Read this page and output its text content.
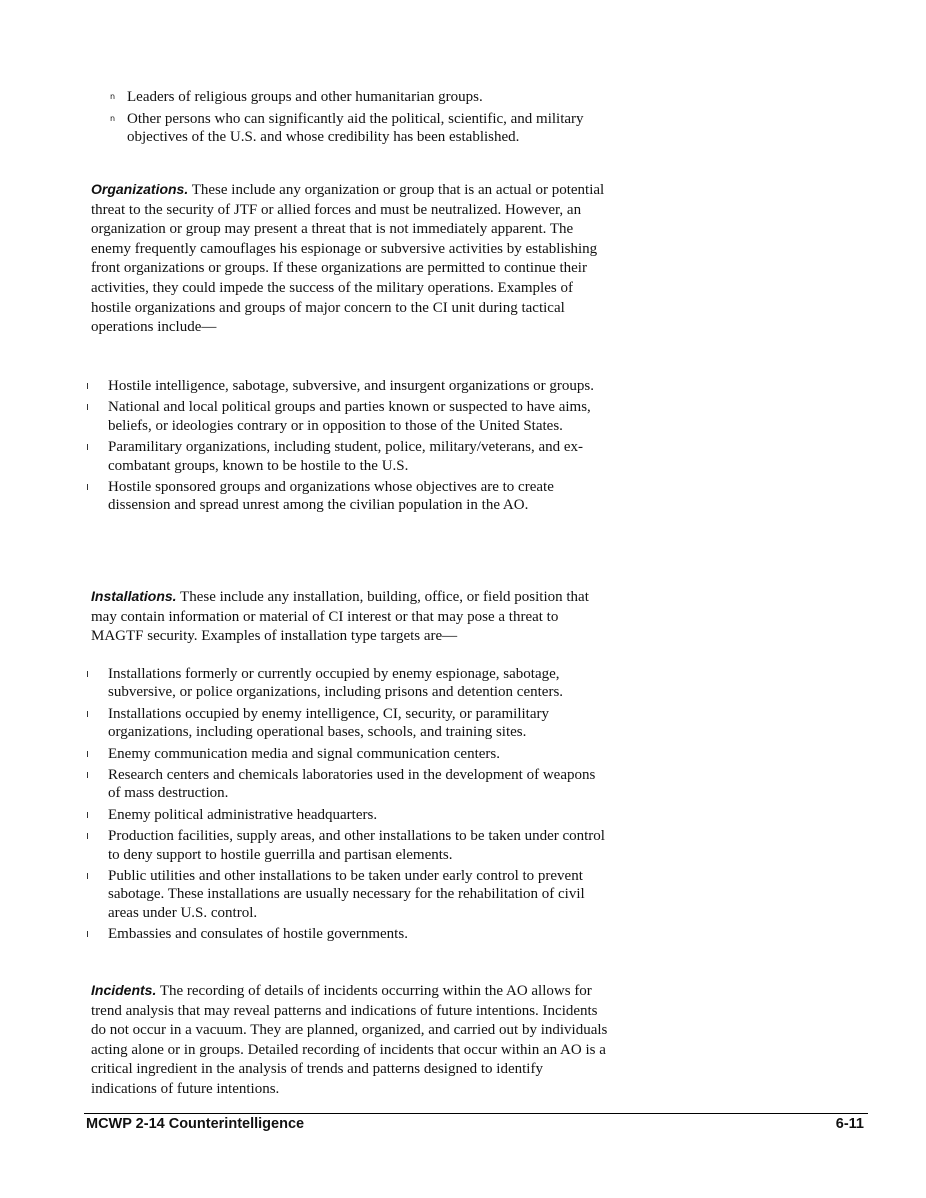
n Leaders of religious groups and other humanitarian groups.
n Other persons who can significantly aid the political, scientific, and military objectives of the U.S. and whose credibility has been established.

Organizations. These include any organization or group that is an actual or potential threat to the security of JTF or allied forces and must be neutralized. However, an organization or group may present a threat that is not immediately apparent. The enemy frequently camouflages his espionage or subversive activities by establishing front organizations or groups. If these organizations are permitted to continue their activities, they could impede the success of the military operations. Examples of hostile organizations and groups of major concern to the CI unit during tactical operations include—

Hostile intelligence, sabotage, subversive, and insurgent organizations or groups.
National and local political groups and parties known or suspected to have aims, beliefs, or ideologies contrary or in opposition to those of the United States.
Paramilitary organizations, including student, police, military/veterans, and ex-combatant groups, known to be hostile to the U.S.
Hostile sponsored groups and organizations whose objectives are to create dissension and spread unrest among the civilian population in the AO.

Installations. These include any installation, building, office, or field position that may contain information or material of CI interest or that may pose a threat to MAGTF security. Examples of installation type targets are—

Installations formerly or currently occupied by enemy espionage, sabotage, subversive, or police organizations, including prisons and detention centers.
Installations occupied by enemy intelligence, CI, security, or paramilitary organizations, including operational bases, schools, and training sites.
Enemy communication media and signal communication centers.
Research centers and chemicals laboratories used in the development of weapons of mass destruction.
Enemy political administrative headquarters.
Production facilities, supply areas, and other installations to be taken under control to deny support to hostile guerrilla and partisan elements.
Public utilities and other installations to be taken under early control to prevent sabotage. These installations are usually necessary for the rehabilitation of civil areas under U.S. control.
Embassies and consulates of hostile governments.

Incidents. The recording of details of incidents occurring within the AO allows for trend analysis that may reveal patterns and indications of future intentions. Incidents do not occur in a vacuum. They are planned, organized, and carried out by individuals acting alone or in groups. Detailed recording of incidents that occur within an AO is a critical ingredient in the analysis of trends and patterns designed to identify indications of future intentions.

MCWP 2-14 Counterintelligence	6-11
